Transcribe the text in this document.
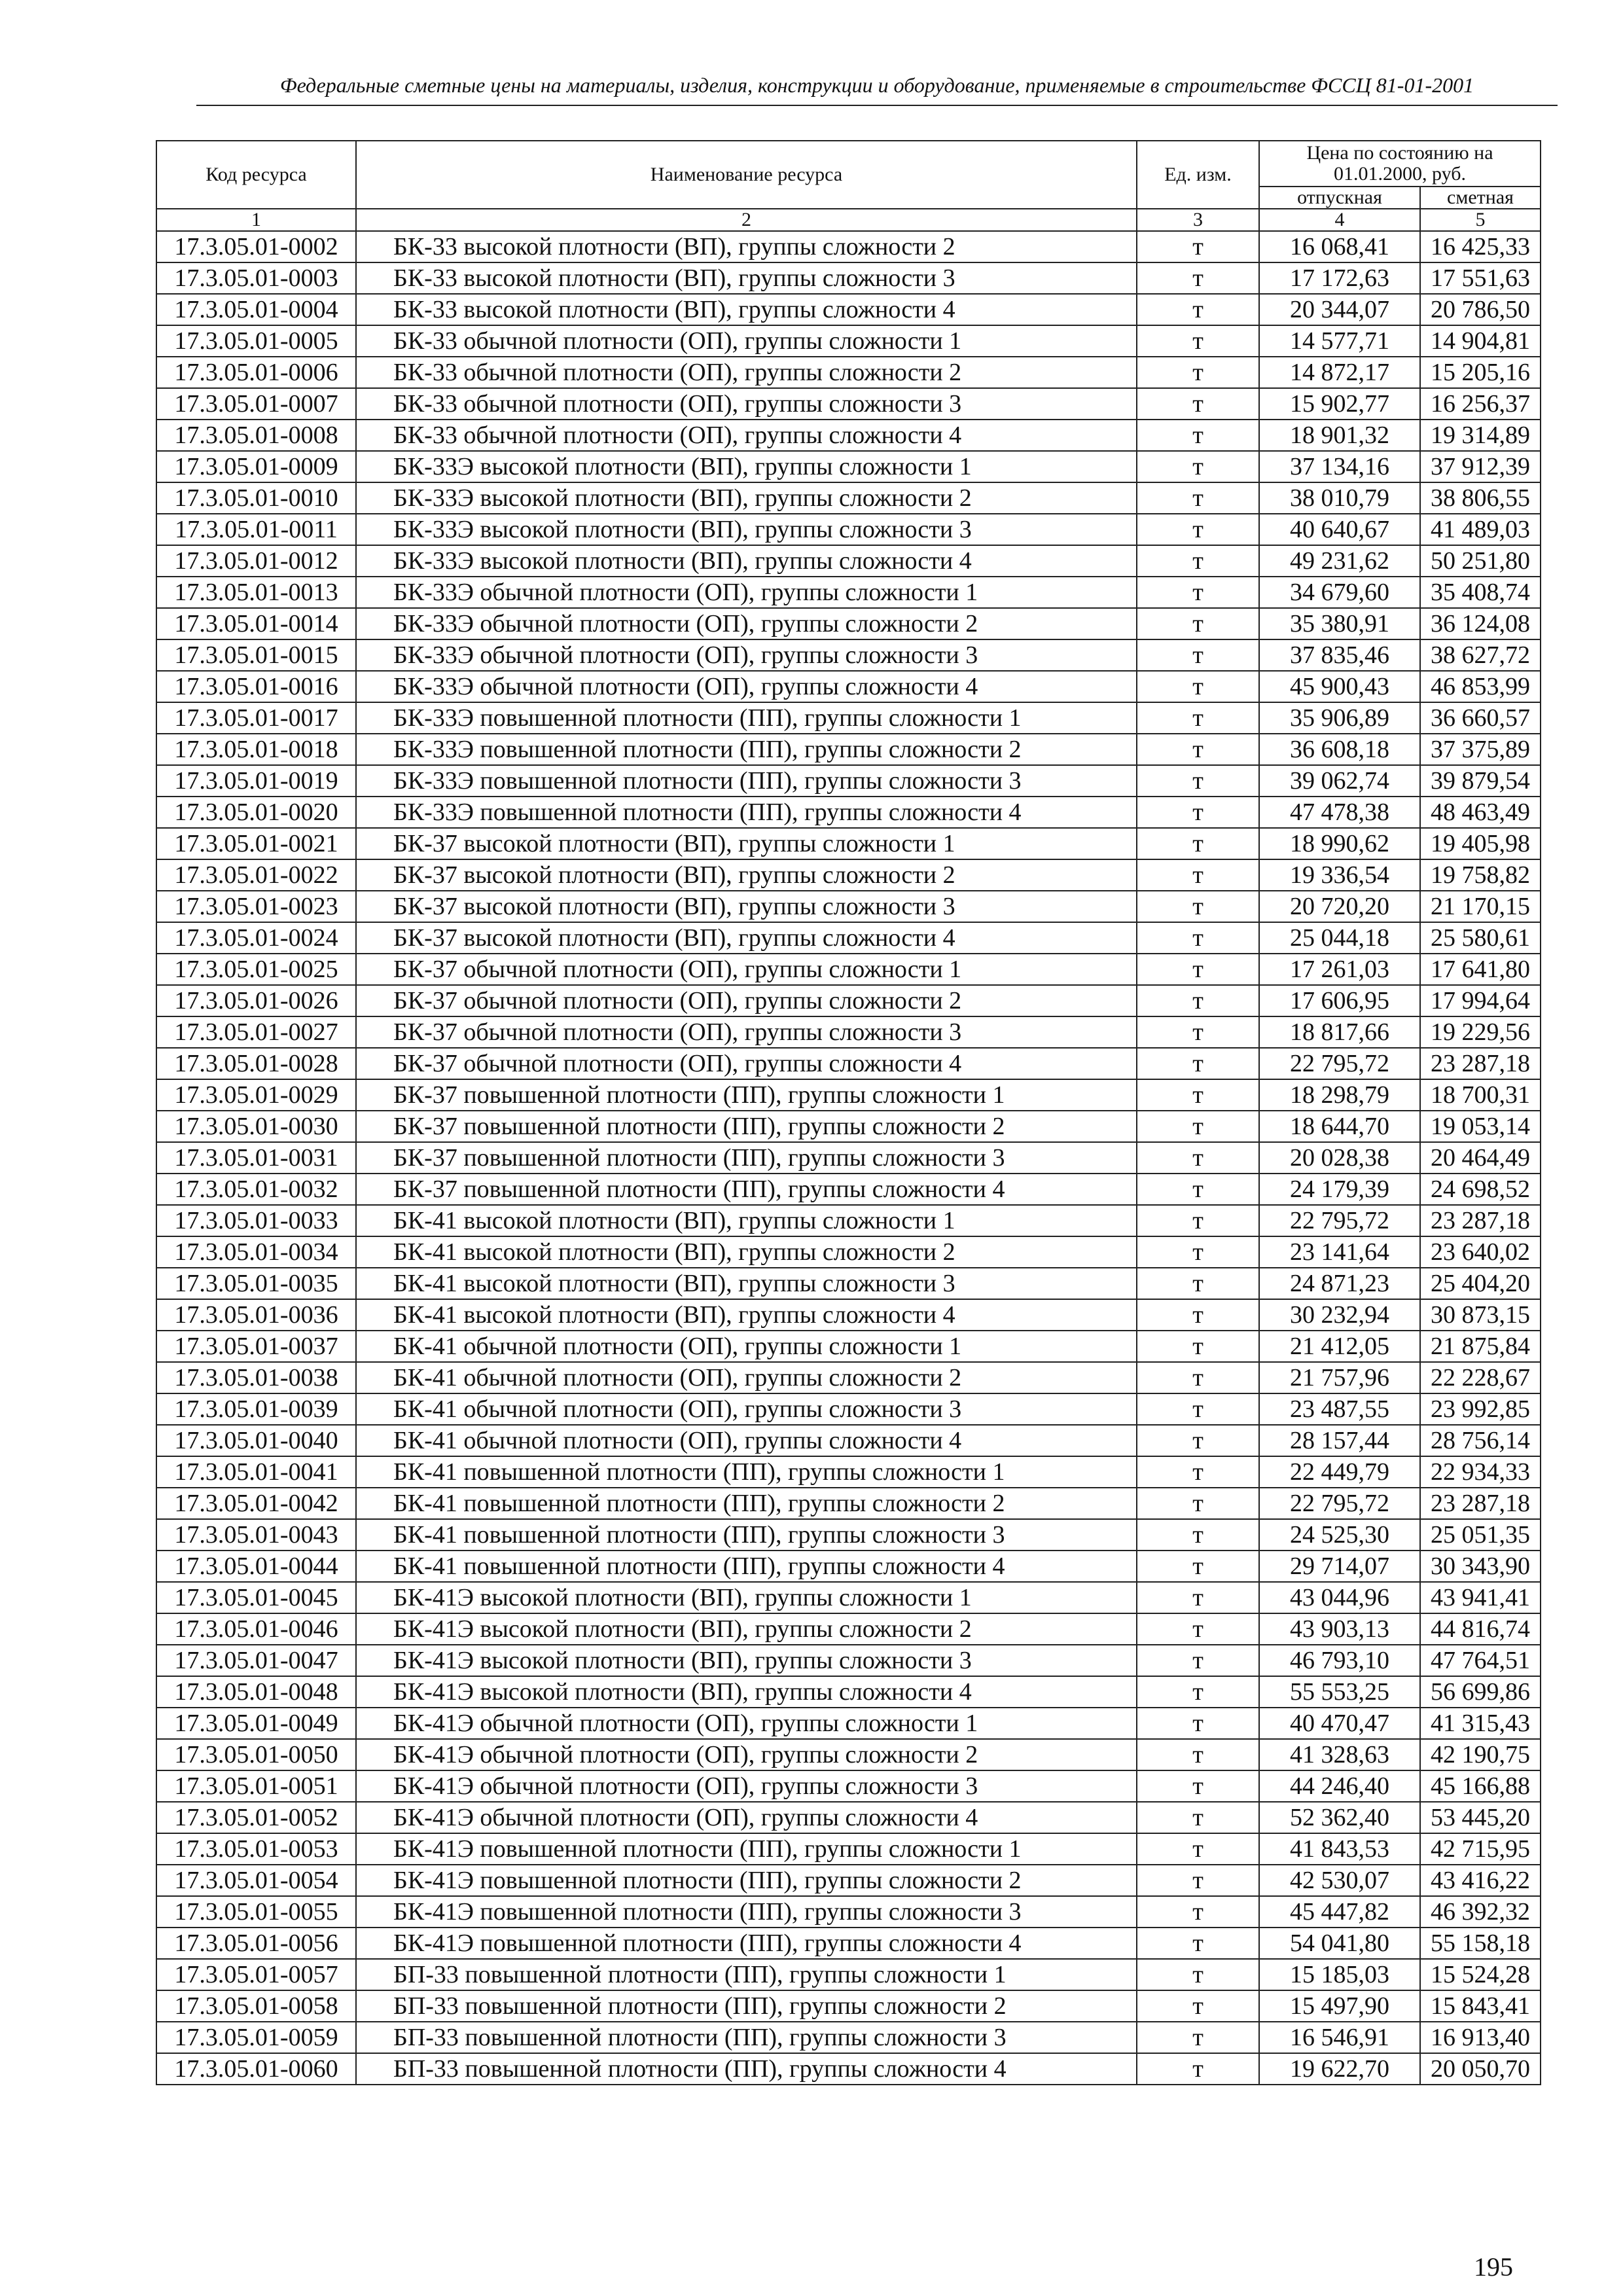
Федеральные сметные цены на материалы, изделия, конструкции и оборудование, применяемые в строительстве ФССЦ 81-01-2001
Код ресурса	Наименование ресурса	Ед. изм.	Цена по состоянию на 01.01.2000, руб.	
			отпускная	сметная
1	2	3	4	5
17.3.05.01-0002	БК-33 высокой плотности (ВП), группы сложности 2	т	16 068,41	16 425,33
17.3.05.01-0003	БК-33 высокой плотности (ВП), группы сложности 3	т	17 172,63	17 551,63
17.3.05.01-0004	БК-33 высокой плотности (ВП), группы сложности 4	т	20 344,07	20 786,50
17.3.05.01-0005	БК-33 обычной плотности (ОП), группы сложности 1	т	14 577,71	14 904,81
17.3.05.01-0006	БК-33 обычной плотности (ОП), группы сложности 2	т	14 872,17	15 205,16
17.3.05.01-0007	БК-33 обычной плотности (ОП), группы сложности 3	т	15 902,77	16 256,37
17.3.05.01-0008	БК-33 обычной плотности (ОП), группы сложности 4	т	18 901,32	19 314,89
17.3.05.01-0009	БК-33Э высокой плотности (ВП), группы сложности 1	т	37 134,16	37 912,39
17.3.05.01-0010	БК-33Э высокой плотности (ВП), группы сложности 2	т	38 010,79	38 806,55
17.3.05.01-0011	БК-33Э высокой плотности (ВП), группы сложности 3	т	40 640,67	41 489,03
17.3.05.01-0012	БК-33Э высокой плотности (ВП), группы сложности 4	т	49 231,62	50 251,80
17.3.05.01-0013	БК-33Э обычной плотности (ОП), группы сложности 1	т	34 679,60	35 408,74
17.3.05.01-0014	БК-33Э обычной плотности (ОП), группы сложности 2	т	35 380,91	36 124,08
17.3.05.01-0015	БК-33Э обычной плотности (ОП), группы сложности 3	т	37 835,46	38 627,72
17.3.05.01-0016	БК-33Э обычной плотности (ОП), группы сложности 4	т	45 900,43	46 853,99
17.3.05.01-0017	БК-33Э повышенной плотности (ПП), группы сложности 1	т	35 906,89	36 660,57
17.3.05.01-0018	БК-33Э повышенной плотности (ПП), группы сложности 2	т	36 608,18	37 375,89
17.3.05.01-0019	БК-33Э повышенной плотности (ПП), группы сложности 3	т	39 062,74	39 879,54
17.3.05.01-0020	БК-33Э повышенной плотности (ПП), группы сложности 4	т	47 478,38	48 463,49
17.3.05.01-0021	БК-37 высокой плотности (ВП), группы сложности 1	т	18 990,62	19 405,98
17.3.05.01-0022	БК-37 высокой плотности (ВП), группы сложности 2	т	19 336,54	19 758,82
17.3.05.01-0023	БК-37 высокой плотности (ВП), группы сложности 3	т	20 720,20	21 170,15
17.3.05.01-0024	БК-37 высокой плотности (ВП), группы сложности 4	т	25 044,18	25 580,61
17.3.05.01-0025	БК-37 обычной плотности (ОП), группы сложности 1	т	17 261,03	17 641,80
17.3.05.01-0026	БК-37 обычной плотности (ОП), группы сложности 2	т	17 606,95	17 994,64
17.3.05.01-0027	БК-37 обычной плотности (ОП), группы сложности 3	т	18 817,66	19 229,56
17.3.05.01-0028	БК-37 обычной плотности (ОП), группы сложности 4	т	22 795,72	23 287,18
17.3.05.01-0029	БК-37 повышенной плотности (ПП), группы сложности 1	т	18 298,79	18 700,31
17.3.05.01-0030	БК-37 повышенной плотности (ПП), группы сложности 2	т	18 644,70	19 053,14
17.3.05.01-0031	БК-37 повышенной плотности (ПП), группы сложности 3	т	20 028,38	20 464,49
17.3.05.01-0032	БК-37 повышенной плотности (ПП), группы сложности 4	т	24 179,39	24 698,52
17.3.05.01-0033	БК-41 высокой плотности (ВП), группы сложности 1	т	22 795,72	23 287,18
17.3.05.01-0034	БК-41 высокой плотности (ВП), группы сложности 2	т	23 141,64	23 640,02
17.3.05.01-0035	БК-41 высокой плотности (ВП), группы сложности 3	т	24 871,23	25 404,20
17.3.05.01-0036	БК-41 высокой плотности (ВП), группы сложности 4	т	30 232,94	30 873,15
17.3.05.01-0037	БК-41 обычной плотности (ОП), группы сложности 1	т	21 412,05	21 875,84
17.3.05.01-0038	БК-41 обычной плотности (ОП), группы сложности 2	т	21 757,96	22 228,67
17.3.05.01-0039	БК-41 обычной плотности (ОП), группы сложности 3	т	23 487,55	23 992,85
17.3.05.01-0040	БК-41 обычной плотности (ОП), группы сложности 4	т	28 157,44	28 756,14
17.3.05.01-0041	БК-41 повышенной плотности (ПП), группы сложности 1	т	22 449,79	22 934,33
17.3.05.01-0042	БК-41 повышенной плотности (ПП), группы сложности 2	т	22 795,72	23 287,18
17.3.05.01-0043	БК-41 повышенной плотности (ПП), группы сложности 3	т	24 525,30	25 051,35
17.3.05.01-0044	БК-41 повышенной плотности (ПП), группы сложности 4	т	29 714,07	30 343,90
17.3.05.01-0045	БК-41Э высокой плотности (ВП), группы сложности 1	т	43 044,96	43 941,41
17.3.05.01-0046	БК-41Э высокой плотности (ВП), группы сложности 2	т	43 903,13	44 816,74
17.3.05.01-0047	БК-41Э высокой плотности (ВП), группы сложности 3	т	46 793,10	47 764,51
17.3.05.01-0048	БК-41Э высокой плотности (ВП), группы сложности 4	т	55 553,25	56 699,86
17.3.05.01-0049	БК-41Э обычной плотности (ОП), группы сложности 1	т	40 470,47	41 315,43
17.3.05.01-0050	БК-41Э обычной плотности (ОП), группы сложности 2	т	41 328,63	42 190,75
17.3.05.01-0051	БК-41Э обычной плотности (ОП), группы сложности 3	т	44 246,40	45 166,88
17.3.05.01-0052	БК-41Э обычной плотности (ОП), группы сложности 4	т	52 362,40	53 445,20
17.3.05.01-0053	БК-41Э повышенной плотности (ПП), группы сложности 1	т	41 843,53	42 715,95
17.3.05.01-0054	БК-41Э повышенной плотности (ПП), группы сложности 2	т	42 530,07	43 416,22
17.3.05.01-0055	БК-41Э повышенной плотности (ПП), группы сложности 3	т	45 447,82	46 392,32
17.3.05.01-0056	БК-41Э повышенной плотности (ПП), группы сложности 4	т	54 041,80	55 158,18
17.3.05.01-0057	БП-33 повышенной плотности (ПП), группы сложности 1	т	15 185,03	15 524,28
17.3.05.01-0058	БП-33 повышенной плотности (ПП), группы сложности 2	т	15 497,90	15 843,41
17.3.05.01-0059	БП-33 повышенной плотности (ПП), группы сложности 3	т	16 546,91	16 913,40
17.3.05.01-0060	БП-33 повышенной плотности (ПП), группы сложности 4	т	19 622,70	20 050,70
195
